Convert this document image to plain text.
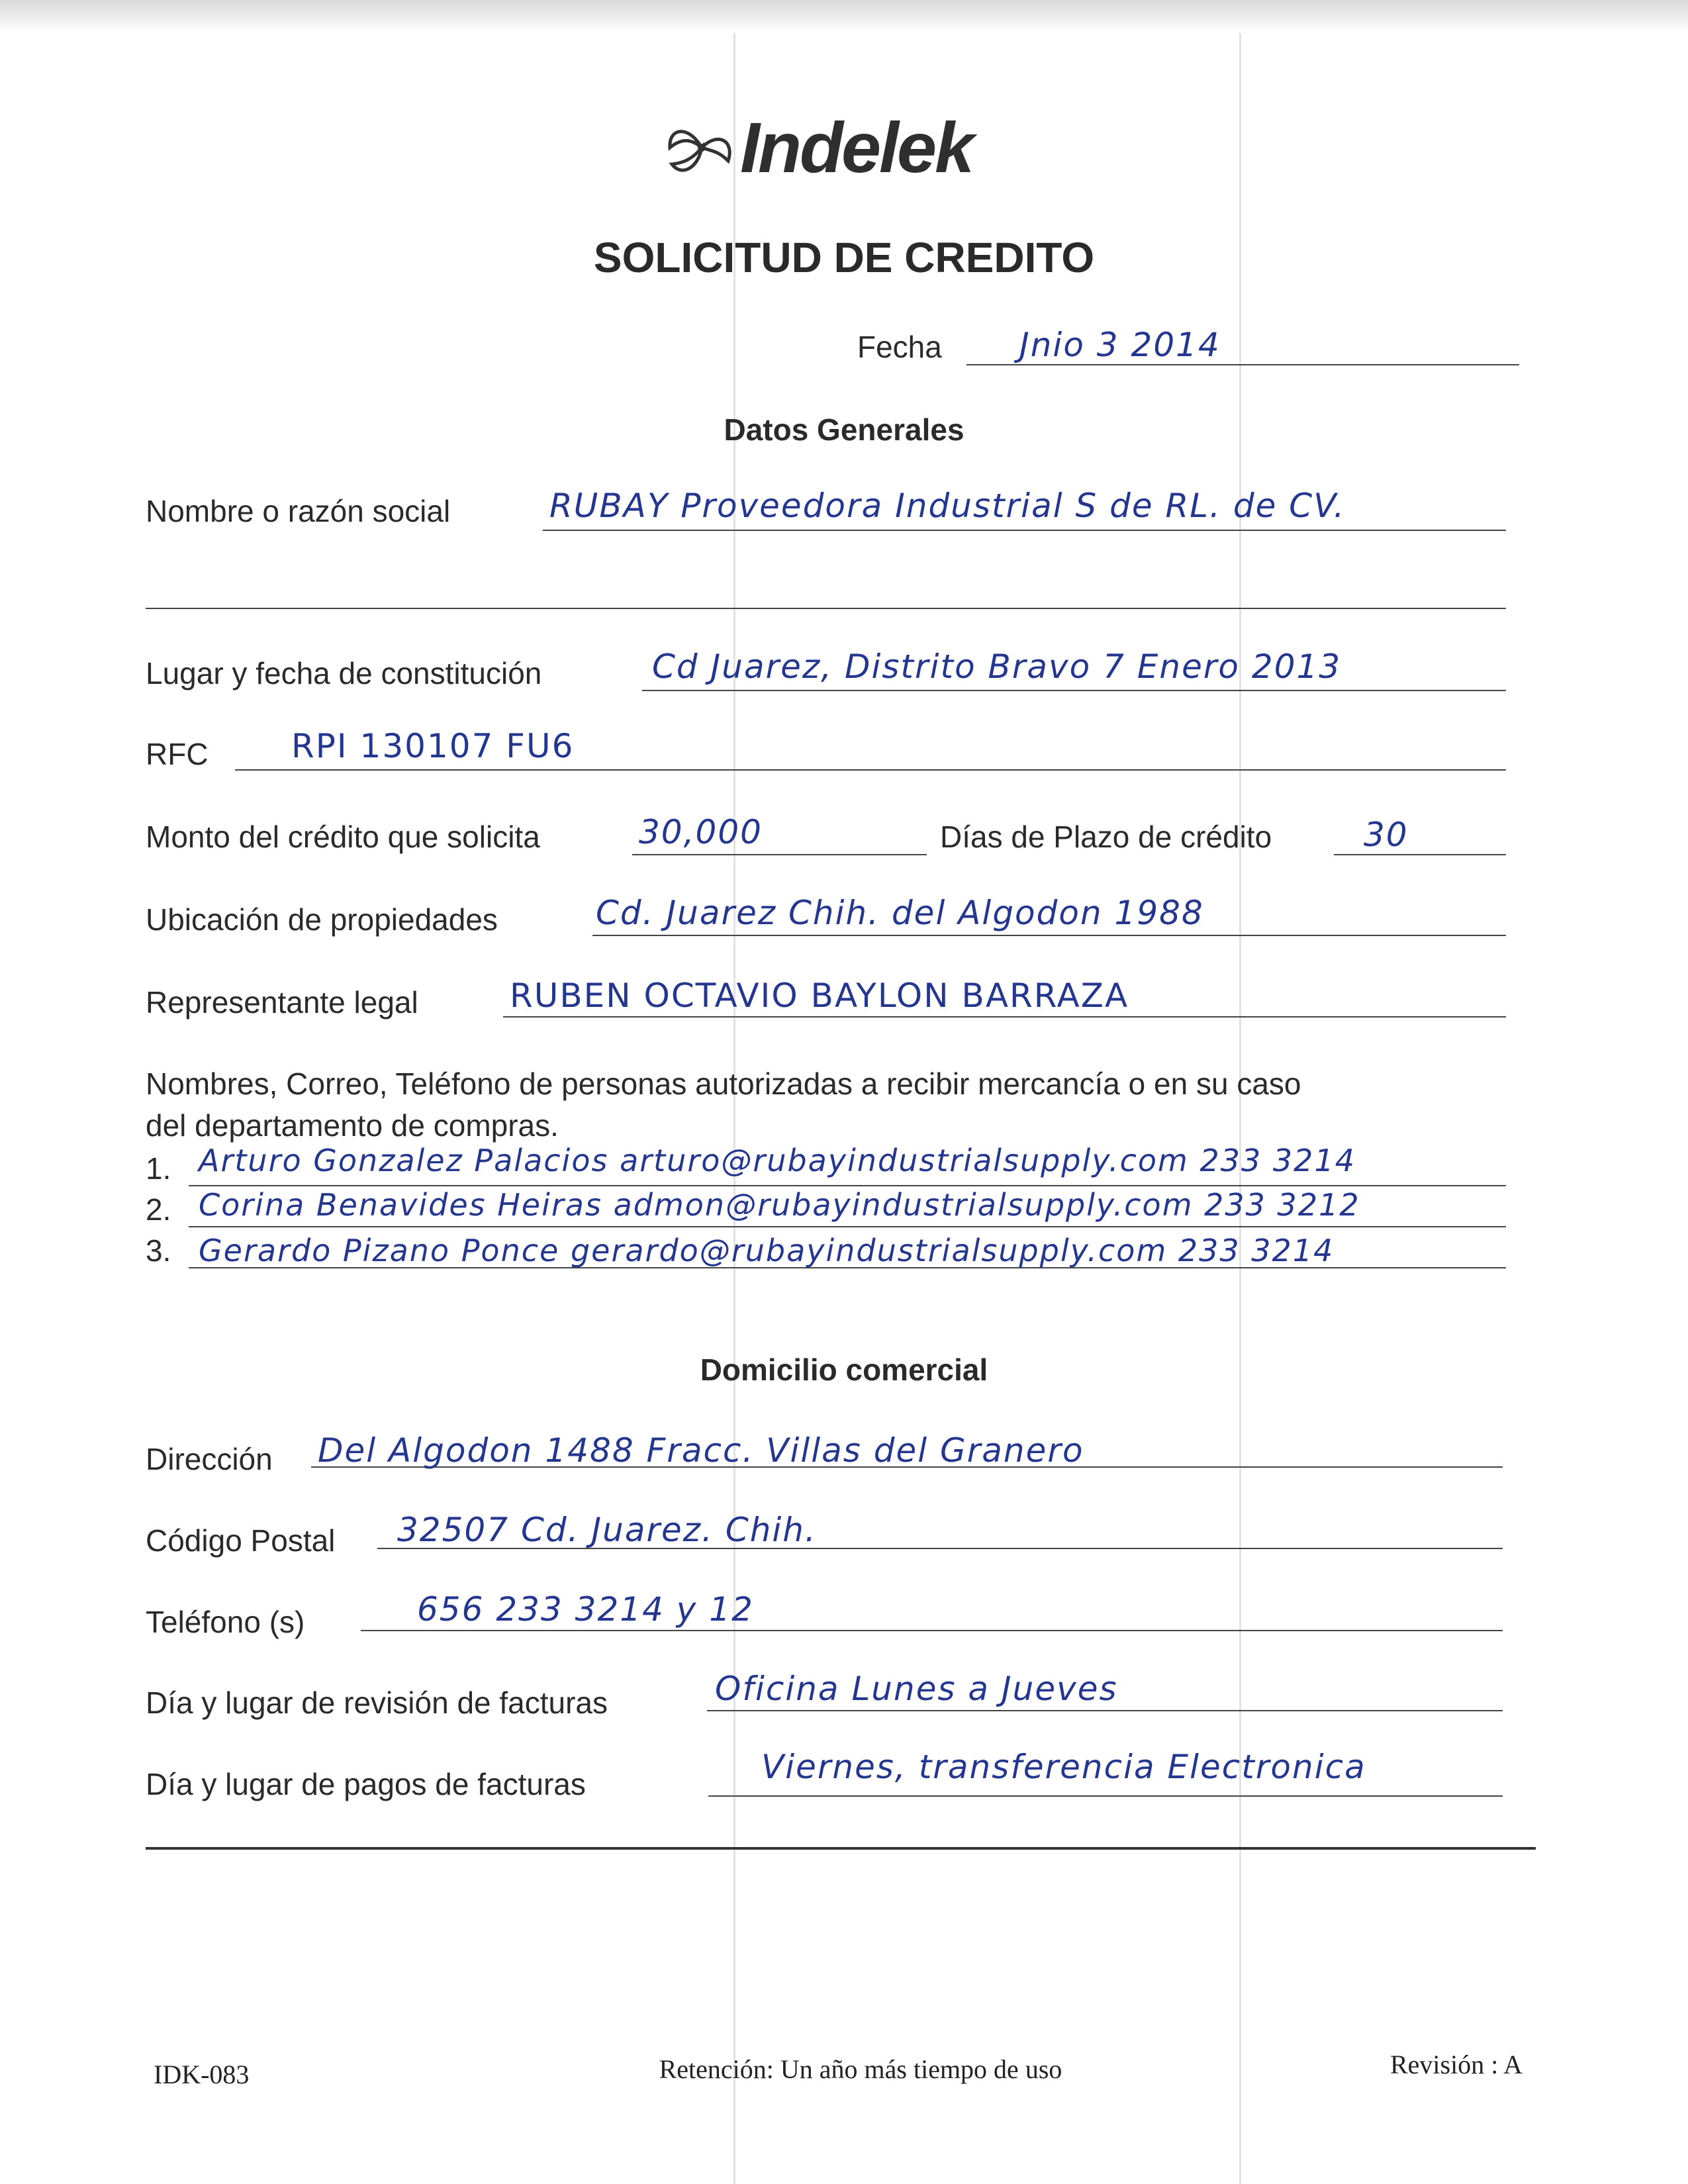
Indelek
SOLICITUD DE CREDITO
Fecha Jnio 3 2014
Datos Generales
Nombre o razón social	RUBAY Proveedora Industrial S de RL. de CV.
Lugar y fecha de constitución	Cd Juarez, Distrito Bravo 7 Enero 2013
RFC	RPI 130107 FU6
Monto del crédito que solicita	30,000	Días de Plazo de crédito	30
Ubicación de propiedades	Cd. Juarez Chih. del Algodon 1988
Representante legal	RUBEN OCTAVIO BAYLON BARRAZA
Nombres, Correo, Teléfono de personas autorizadas a recibir mercancía o en su caso
del departamento de compras.
1. Arturo Gonzalez Palacios arturo@rubayindustrialsupply.com 233 3214
2. Corina Benavides Heiras admon@rubayindustrialsupply.com 233 3212
3. Gerardo Pizano Ponce gerardo@rubayindustrialsupply.com 233 3214
Domicilio comercial
Dirección Del Algodon 1488 Fracc. Villas del Granero
Código Postal 32507 Cd. Juarez. Chih.
Teléfono (s)	656 233 3214 y 12
Día y lugar de revisión de facturas	Oficina Lunes a Jueves
Día y lugar de pagos de facturas	Viernes, transferencia Electronica
IDK-083	Retención: Un año más tiempo de uso	Revisión : A
